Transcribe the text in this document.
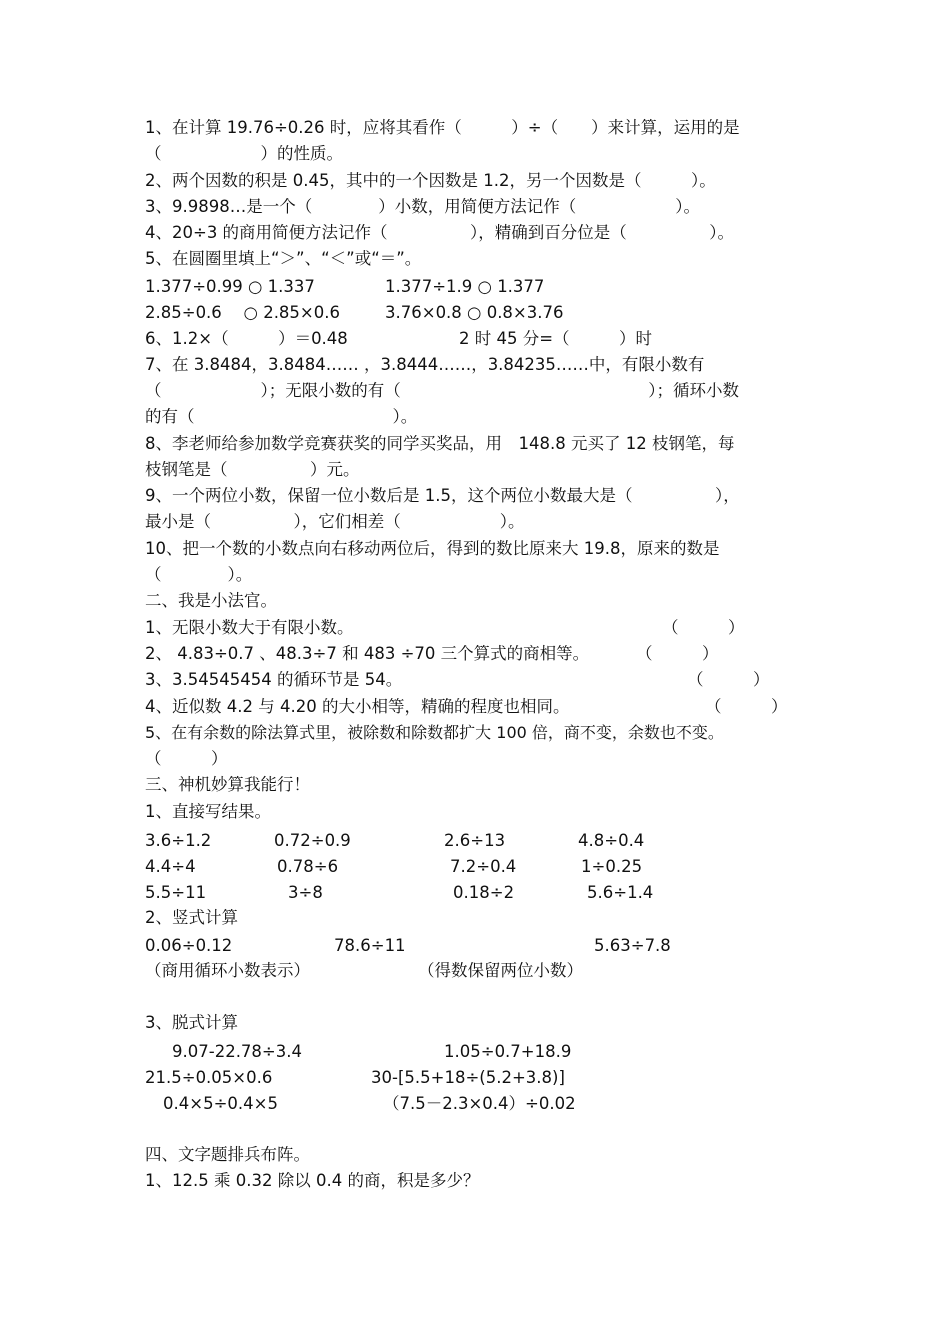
1、在计算 19.76÷0.26 时，应将其看作（　　　）÷（　　）来计算，运用的是
（　　　　　　）的性质。
2、两个因数的积是 0.45，其中的一个因数是 1.2，另一个因数是（　　　）。
3、9.9898…是一个（　　　　）小数，用简便方法记作（　　　　　　）。
4、20÷3 的商用简便方法记作（　　　　　），精确到百分位是（　　　　　）。
5、在圆圈里填上“＞”、“＜”或“＝”。
1.377÷0.99 ○ 1.337	1.377÷1.9 ○ 1.377
2.85÷0.6　 ○ 2.85×0.6	3.76×0.8 ○ 0.8×3.76
6、1.2×（　　　）＝0.48	2 时 45 分=（　　　）时
7、在 3.8484，3.8484…… ，3.8444……，3.84235……中，有限小数有
（　　　　　　）；无限小数的有（　　　　　　　　　　　　　　　）；循环小数
的有（　　　　　　　　　　　　）。
8、李老师给参加数学竞赛获奖的同学买奖品，用　148.8 元买了 12 枝钢笔，每
枝钢笔是（　　　　　）元。
9、一个两位小数，保留一位小数后是 1.5，这个两位小数最大是（　　　　　），
最小是（　　　　　），它们相差（　　　　　　）。
10、把一个数的小数点向右移动两位后，得到的数比原来大 19.8，原来的数是
（　　　　）。
二、我是小法官。
1、无限小数大于有限小数。	（　　　）
2、 4.83÷0.7 、48.3÷7 和 483 ÷70 三个算式的商相等。	（　　　）
3、3.54545454 的循环节是 54。	（　　　）
4、近似数 4.2 与 4.20 的大小相等，精确的程度也相同。	（　　　）
5、在有余数的除法算式里，被除数和除数都扩大 100 倍，商不变，余数也不变。
（　　　）
三、神机妙算我能行！
1、直接写结果。
3.6÷1.2	0.72÷0.9	2.6÷13	4.8÷0.4
4.4÷4	0.78÷6	7.2÷0.4	1÷0.25
5.5÷11	3÷8	0.18÷2	5.6÷1.4
2、竖式计算
0.06÷0.12	78.6÷11	5.63÷7.8
（商用循环小数表示）	（得数保留两位小数）
3、脱式计算
9.07-22.78÷3.4	1.05÷0.7+18.9
21.5÷0.05×0.6	30-[5.5+18÷(5.2+3.8)]
0.4×5÷0.4×5	（7.5－2.3×0.4）÷0.02
四、文字题排兵布阵。
1、12.5 乘 0.32 除以 0.4 的商，积是多少？
